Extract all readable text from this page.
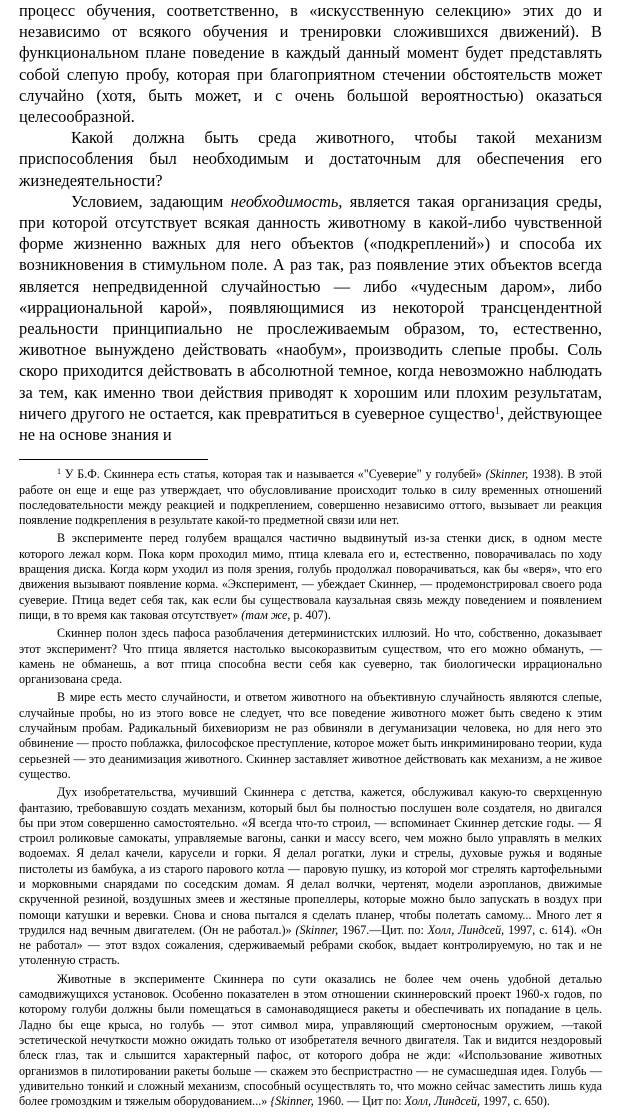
процесс обучения, соответственно, в «искусственную селекцию» этих до и независимо от всякого обучения и тренировки сложившихся движений). В функциональном плане поведение в каждый данный момент будет представлять собой слепую пробу, которая при благоприятном стечении обстоятельств может случайно (хотя, быть может, и с очень большой вероятностью) оказаться целесообразной.

Какой должна быть среда животного, чтобы такой механизм приспособления был необходимым и достаточным для обеспечения его жизнедеятельности?

Условием, задающим необходимость, является такая организация среды, при которой отсутствует всякая данность животному в какой-либо чувственной форме жизненно важных для него объектов («подкреплений») и способа их возникновения в стимульном поле. А раз так, раз появление этих объектов всегда является непредвиденной случайностью — либо «чудесным даром», либо «иррациональной карой», появляющимися из некоторой трансцендентной реальности принципиально не прослеживаемым образом, то, естественно, животное вынуждено действовать «наобум», производить слепые пробы. Соль скоро приходится действовать в абсолютной темное, когда невозможно наблюдать за тем, как именно твои действия приводят к хорошим или плохим результатам, ничего другого не остается, как превратиться в суеверное существо$^1$, действующее не на основе знания и

$^1$ У Б.Ф. Скиннера есть статья, которая так и называется «"Суеверие" у голубей» (Skinner, 1938). В этой работе он еще и еще раз утверждает, что обусловливание происходит только в силу временных отношений последовательности между реакцией и подкреплением, совершенно независимо оттого, вызывает ли реакция появление подкрепления в результате какой-то предметной связи или нет.

В эксперименте перед голубем вращался частично выдвинутый из-за стенки диск, в одном месте которого лежал корм. Пока корм проходил мимо, птица клевала его и, естественно, поворачивалась по ходу вращения диска. Когда корм уходил из поля зрения, голубь продолжал поворачиваться, как бы «веря», что его движения вызывают появление корма. «Эксперимент, — убеждает Скиннер, — продемонстрировал своего рода суеверие. Птица ведет себя так, как если бы существовала каузальная связь между поведением и появлением пищи, в то время как таковая отсутствует» (там же, р. 407).

Скиннер полон здесь пафоса разоблачения детерминистских иллюзий. Но что, собственно, доказывает этот эксперимент? Что птица является настолько высокоразвитым существом, что его можно обмануть, — камень не обманешь, а вот птица способна вести себя как суеверно, так биологически иррационально организована среда.

В мире есть место случайности, и ответом животного на объективную случайность являются слепые, случайные пробы, но из этого вовсе не следует, что все поведение животного может быть сведено к этим случайным пробам. Радикальный бихевиоризм не раз обвиняли в дегуманизации человека, но для него это обвинение — просто поблажка, философское преступление, которое может быть инкриминировано теории, куда серьезней — это деанимизация животного. Скиннер заставляет животное действовать как механизм, а не живое существо.

Дух изобретательства, мучивший Скиннера с детства, кажется, обслуживал какую-то сверхценную фантазию, требовавшую создать механизм, который был бы полностью послушен воле создателя, но двигался бы при этом совершенно самостоятельно. «Я всегда что-то строил, — вспоминает Скиннер детские годы. — Я строил роликовые самокаты, управляемые вагоны, санки и массу всего, чем можно было управлять в мелких водоемах. Я делал качели, карусели и горки. Я делал рогатки, луки и стрелы, духовые ружья и водяные пистолеты из бамбука, а из старого парового котла — паровую пушку, из которой мог стрелять картофельными и морковными снарядами по соседским домам. Я делал волчки, чертенят, модели аэропланов, движимые скрученной резиной, воздушных змеев и жестяные пропеллеры, которые можно было запускать в воздух при помощи катушки и веревки. Снова и снова пытался я сделать планер, чтобы полетать самому... Много лет я трудился над вечным двигателем. (Он не работал.)» (Skinner, 1967.—Цит. по: Холл, Линдсей, 1997, с. 614). «Он не работал» — этот вздох сожаления, сдерживаемый ребрами скобок, выдает контролируемую, но так и не утоленную страсть.

Животные в эксперименте Скиннера по сути оказались не более чем очень удобной деталью самодвижущихся установок. Особенно показателен в этом отношении скиннеровский проект 1960-х годов, по которому голуби должны были помещаться в самонаводящиеся ракеты и обеспечивать их попадание в цель. Ладно бы еще крыса, но голубь — этот символ мира, управляющий смертоносным оружием, —такой эстетической нечуткости можно ожидать только от изобретателя вечного двигателя. Так и видится нездоровый блеск глаз, так и слышится характерный пафос, от которого добра не жди: «Использование животных организмов в пилотировании ракеты больше — скажем это беспристрастно — не сумасшедшая идея. Голубь — удивительно тонкий и сложный механизм, способный осуществлять то, что можно сейчас заместить лишь куда более громоздким и тяжелым оборудованием...» {Skinner, 1960. — Цит по: Холл, Линдсей, 1997, с. 650).
